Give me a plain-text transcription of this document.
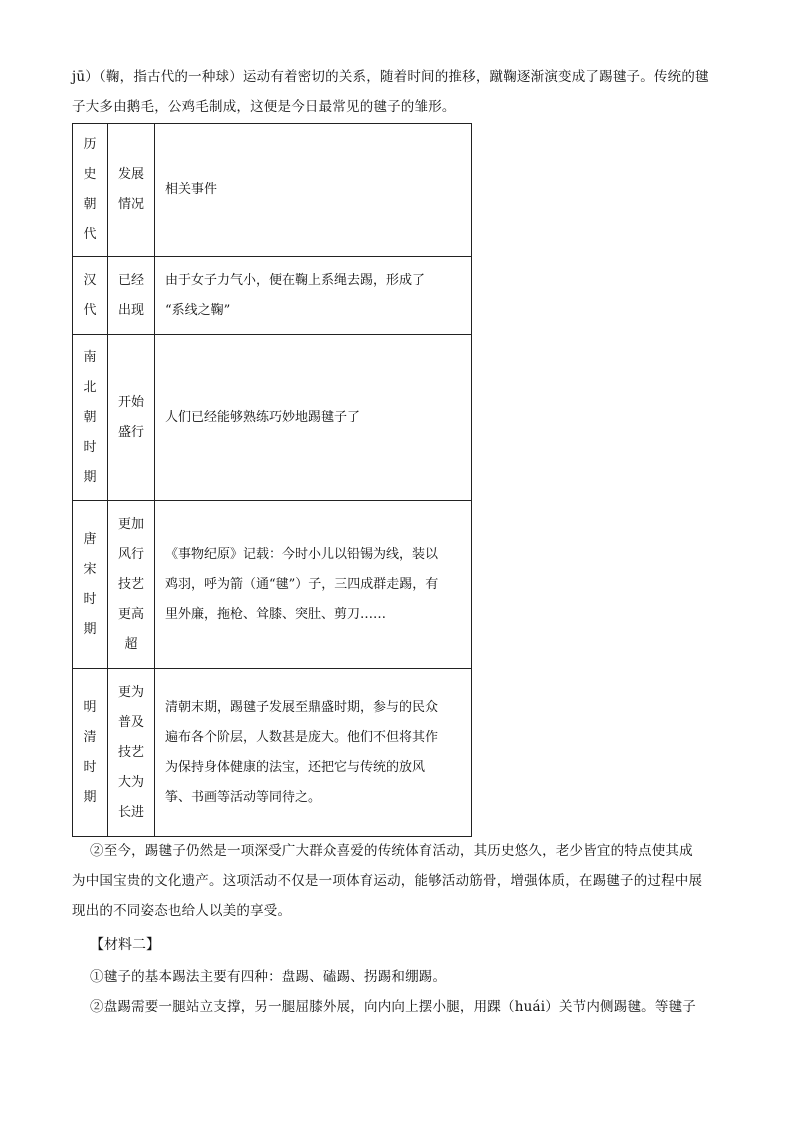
jū）（鞠，指古代的一种球）运动有着密切的关系，随着时间的推移，蹴鞠逐渐演变成了踢毽子。传统的毽
子大多由鹅毛，公鸡毛制成，这便是今日最常见的毽子的雏形。
历
史
朝
代	发展
情况	相关事件

汉
代	已经
出现	由于女子力气小，便在鞠上系绳去踢，形成了
“系线之鞠”

南
北
朝
时
期	开始
盛行	人们已经能够熟练巧妙地踢毽子了

唐
宋
时
期	更加
风行
技艺
更高
超	《事物纪原》记载：今时小儿以铅锡为线，装以
鸡羽，呼为箭（通“毽”）子，三四成群走踢，有
里外廉，拖枪、耸膝、突肚、剪刀……

明
清
时
期	更为
普及
技艺
大为
长进	清朝末期，踢毽子发展至鼎盛时期，参与的民众
遍布各个阶层，人数甚是庞大。他们不但将其作
为保持身体健康的法宝，还把它与传统的放风
筝、书画等活动等同待之。
②至今，踢毽子仍然是一项深受广大群众喜爱的传统体育活动，其历史悠久，老少皆宜的特点使其成
为中国宝贵的文化遗产。这项活动不仅是一项体育运动，能够活动筋骨，增强体质，在踢毽子的过程中展
现出的不同姿态也给人以美的享受。
【材料二】
①毽子的基本踢法主要有四种：盘踢、磕踢、拐踢和绷踢。
②盘踢需要一腿站立支撑，另一腿屈膝外展，向内向上摆小腿，用踝（huái）关节内侧踢毽。等毽子
